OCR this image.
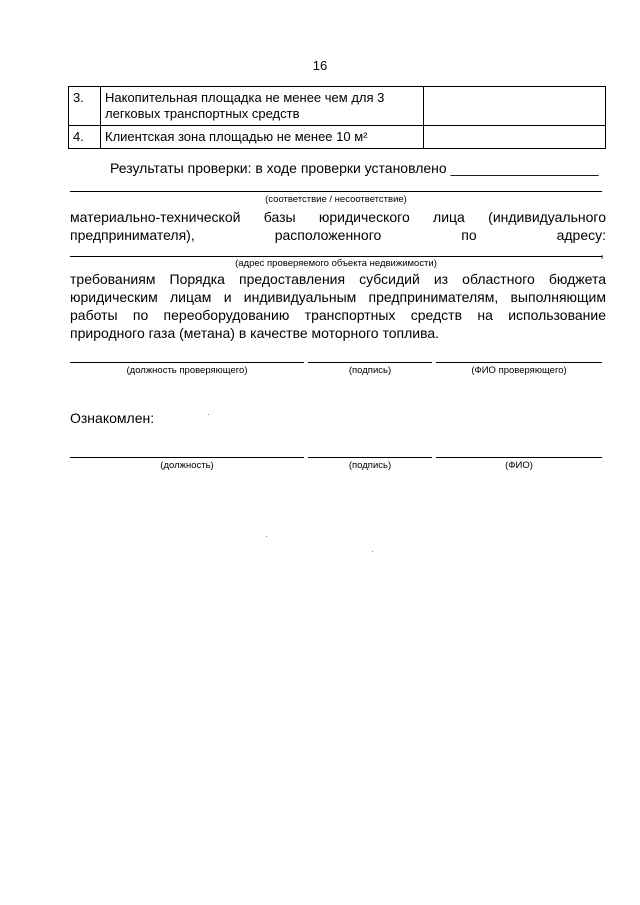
16
3.	Накопительная площадка не менее чем для 3 легковых транспортных средств	
4.	Клиентская зона площадью не менее 10 м²	
Результаты проверки: в ходе проверки установлено ___________________
(соответствие / несоответствие)
материально-технической базы юридического лица (индивидуального
предпринимателя), расположенного по адресу:
,
(адрес проверяемого объекта недвижимости)
требованиям Порядка предоставления субсидий из областного бюджета
юридическим лицам и индивидуальным предпринимателям, выполняющим
работы по переоборудованию транспортных средств на использование
природного газа (метана) в качестве моторного топлива.
(должность проверяющего)	(подпись)	(ФИО проверяющего)
Ознакомлен:
(должность)	(подпись)	(ФИО)
